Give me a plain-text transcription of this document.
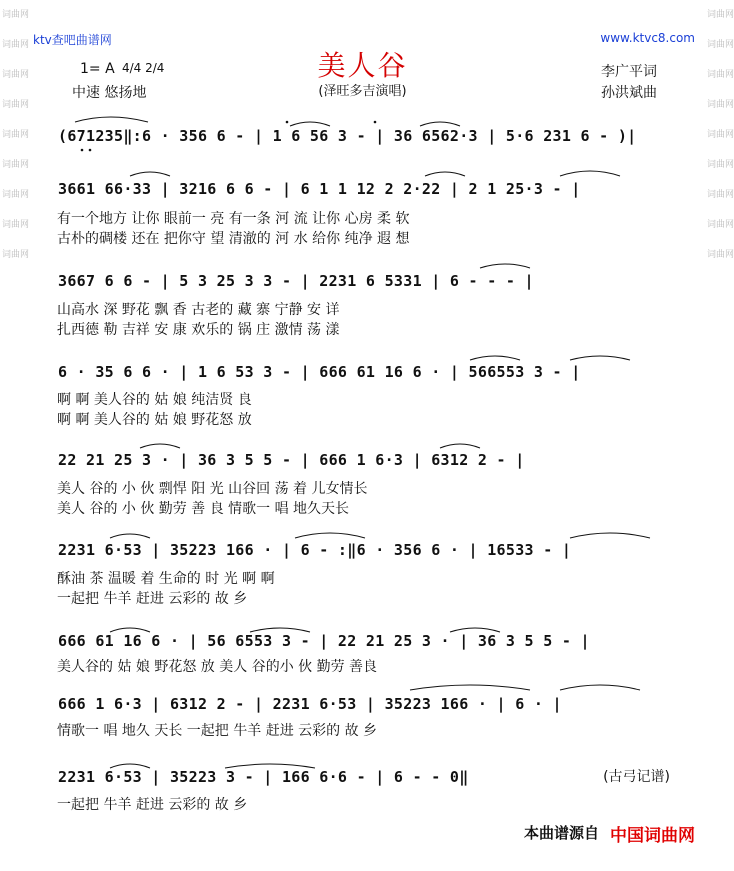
词曲网
词曲网
词曲网
词曲网
词曲网
词曲网
词曲网
词曲网
词曲网
词曲网
词曲网
词曲网
词曲网
词曲网
词曲网
词曲网
词曲网
词曲网
ktv查吧曲谱网	www.ktvc8.com
美人谷
(泽旺多吉演唱)
1= A 4/4 2/4
中速 悠扬地
李广平词
孙洪斌曲
(671235‖:6 · 356 6 - | 1 6 56 3 - | 36 6562·3 | 5·6 231 6 - )|
3661 66·33 | 3216 6 6 - | 6 1 1 12 2 2·22 | 2 1 25·3 - |
有一个地方 让你 眼前一 亮 有一条 河 流 让你 心房 柔 软
古朴的碉楼 还在 把你守 望 清澈的 河 水 给你 纯净 遐 想
3667 6 6 - | 5 3 25 3 3 - | 2231 6 5331 | 6 - - - |
山高水 深 野花 飘 香 古老的 藏 寨 宁静 安 详
扎西德 勒 吉祥 安 康 欢乐的 锅 庄 激情 荡 漾
6 · 35 6 6 · | 1 6 53 3 - | 666 61 16 6 · | 566553 3 - |
啊 啊 美人谷的 姑 娘 纯洁贤 良
啊 啊 美人谷的 姑 娘 野花怒 放
22 21 25 3 · | 36 3 5 5 - | 666 1 6·3 | 6312 2 - |
美人 谷的 小 伙 剽悍 阳 光 山谷回 荡 着 儿女情长
美人 谷的 小 伙 勤劳 善 良 情歌一 唱 地久天长
2231 6·53 | 35223 166 · | 6 - :‖6 · 356 6 · | 16533 - |
酥油 茶 温暖 着 生命的 时 光 啊 啊
一起把 牛羊 赶进 云彩的 故 乡
666 61 16 6 · | 56 6553 3 - | 22 21 25 3 · | 36 3 5 5 - |
美人谷的 姑 娘 野花怒 放 美人 谷的小 伙 勤劳 善良
666 1 6·3 | 6312 2 - | 2231 6·53 | 35223 166 · | 6 · |
情歌一 唱 地久 天长 一起把 牛羊 赶进 云彩的 故 乡
2231 6·53 | 35223 3 - | 166 6·6 - | 6 - - 0‖
一起把 牛羊 赶进 云彩的 故 乡
(古弓记谱)
本曲谱源自 中国词曲网
